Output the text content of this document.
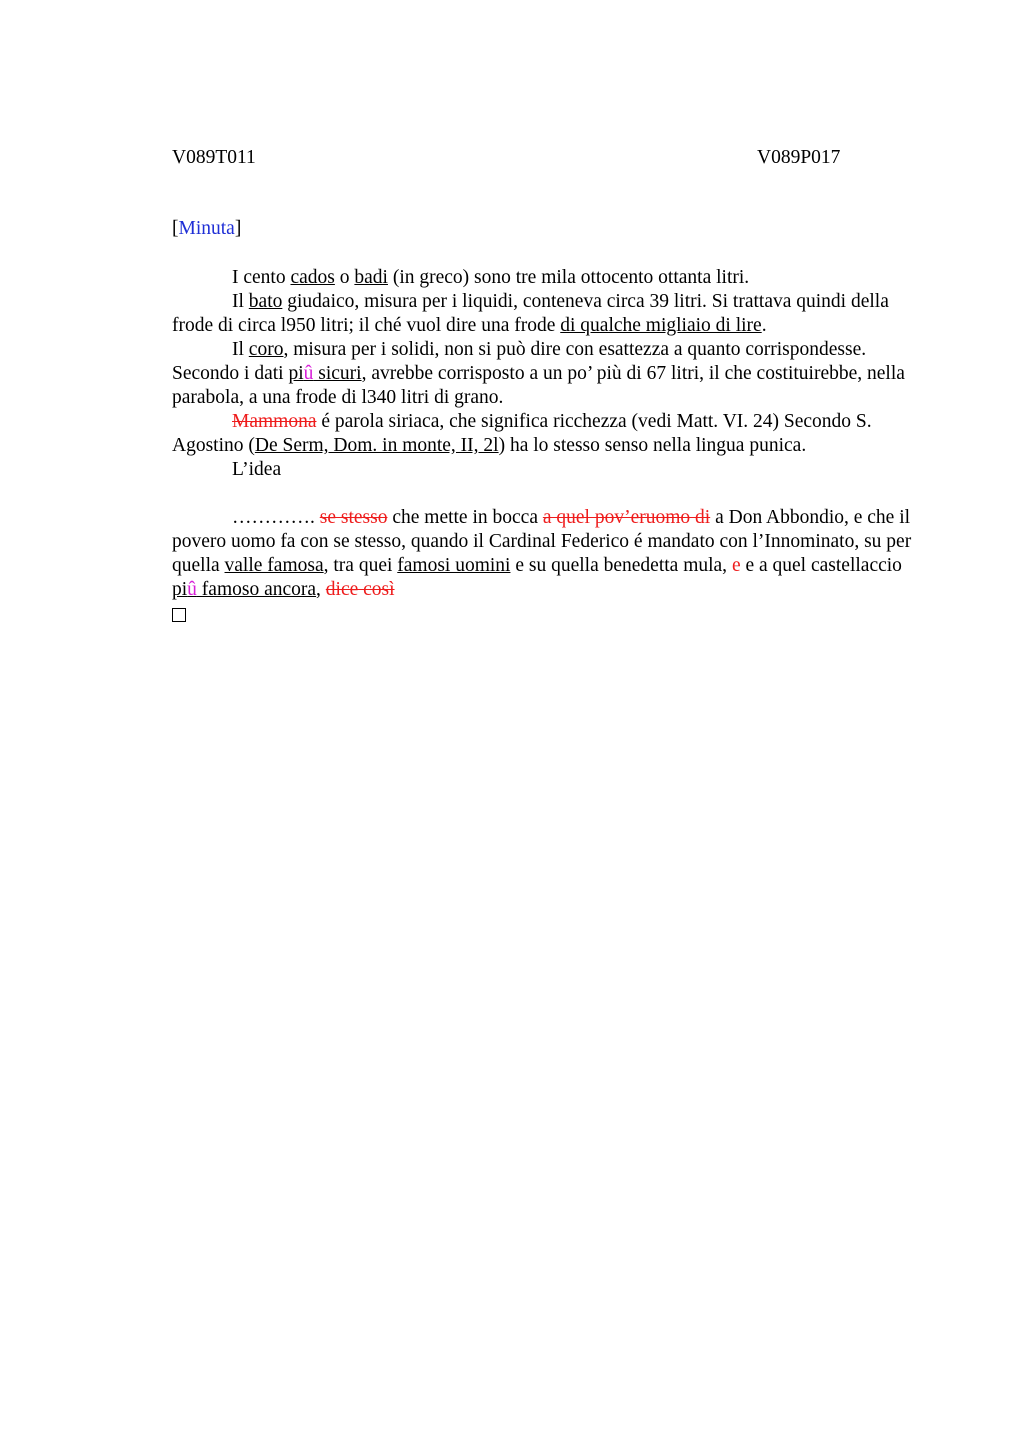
V089T011	V089P017
[Minuta]

I cento cados o badi (in greco) sono tre mila ottocento ottanta litri.

Il bato giudaico, misura per i liquidi, conteneva circa 39 litri. Si trattava quindi della frode di circa l950 litri; il ché vuol dire una frode di qualche migliaio di lire.

Il coro, misura per i solidi, non si può dire con esattezza a quanto corrispondesse. Secondo i dati piû sicuri, avrebbe corrisposto a un po’ più di 67 litri, il che costituirebbe, nella parabola, a una frode di l340 litri di grano.

Mammona é parola siriaca, che significa ricchezza (vedi Matt. VI. 24) Secondo S. Agostino (De Serm, Dom. in monte, II, 2l) ha lo stesso senso nella lingua punica.

L’idea

…………. se stesso che mette in bocca a quel pov’eruomo di a Don Abbondio, e che il povero uomo fa con se stesso, quando il Cardinal Federico é mandato con l’Innominato, su per quella valle famosa, tra quei famosi uomini e su quella benedetta mula, e e a quel castellaccio piû famoso ancora, dice così
